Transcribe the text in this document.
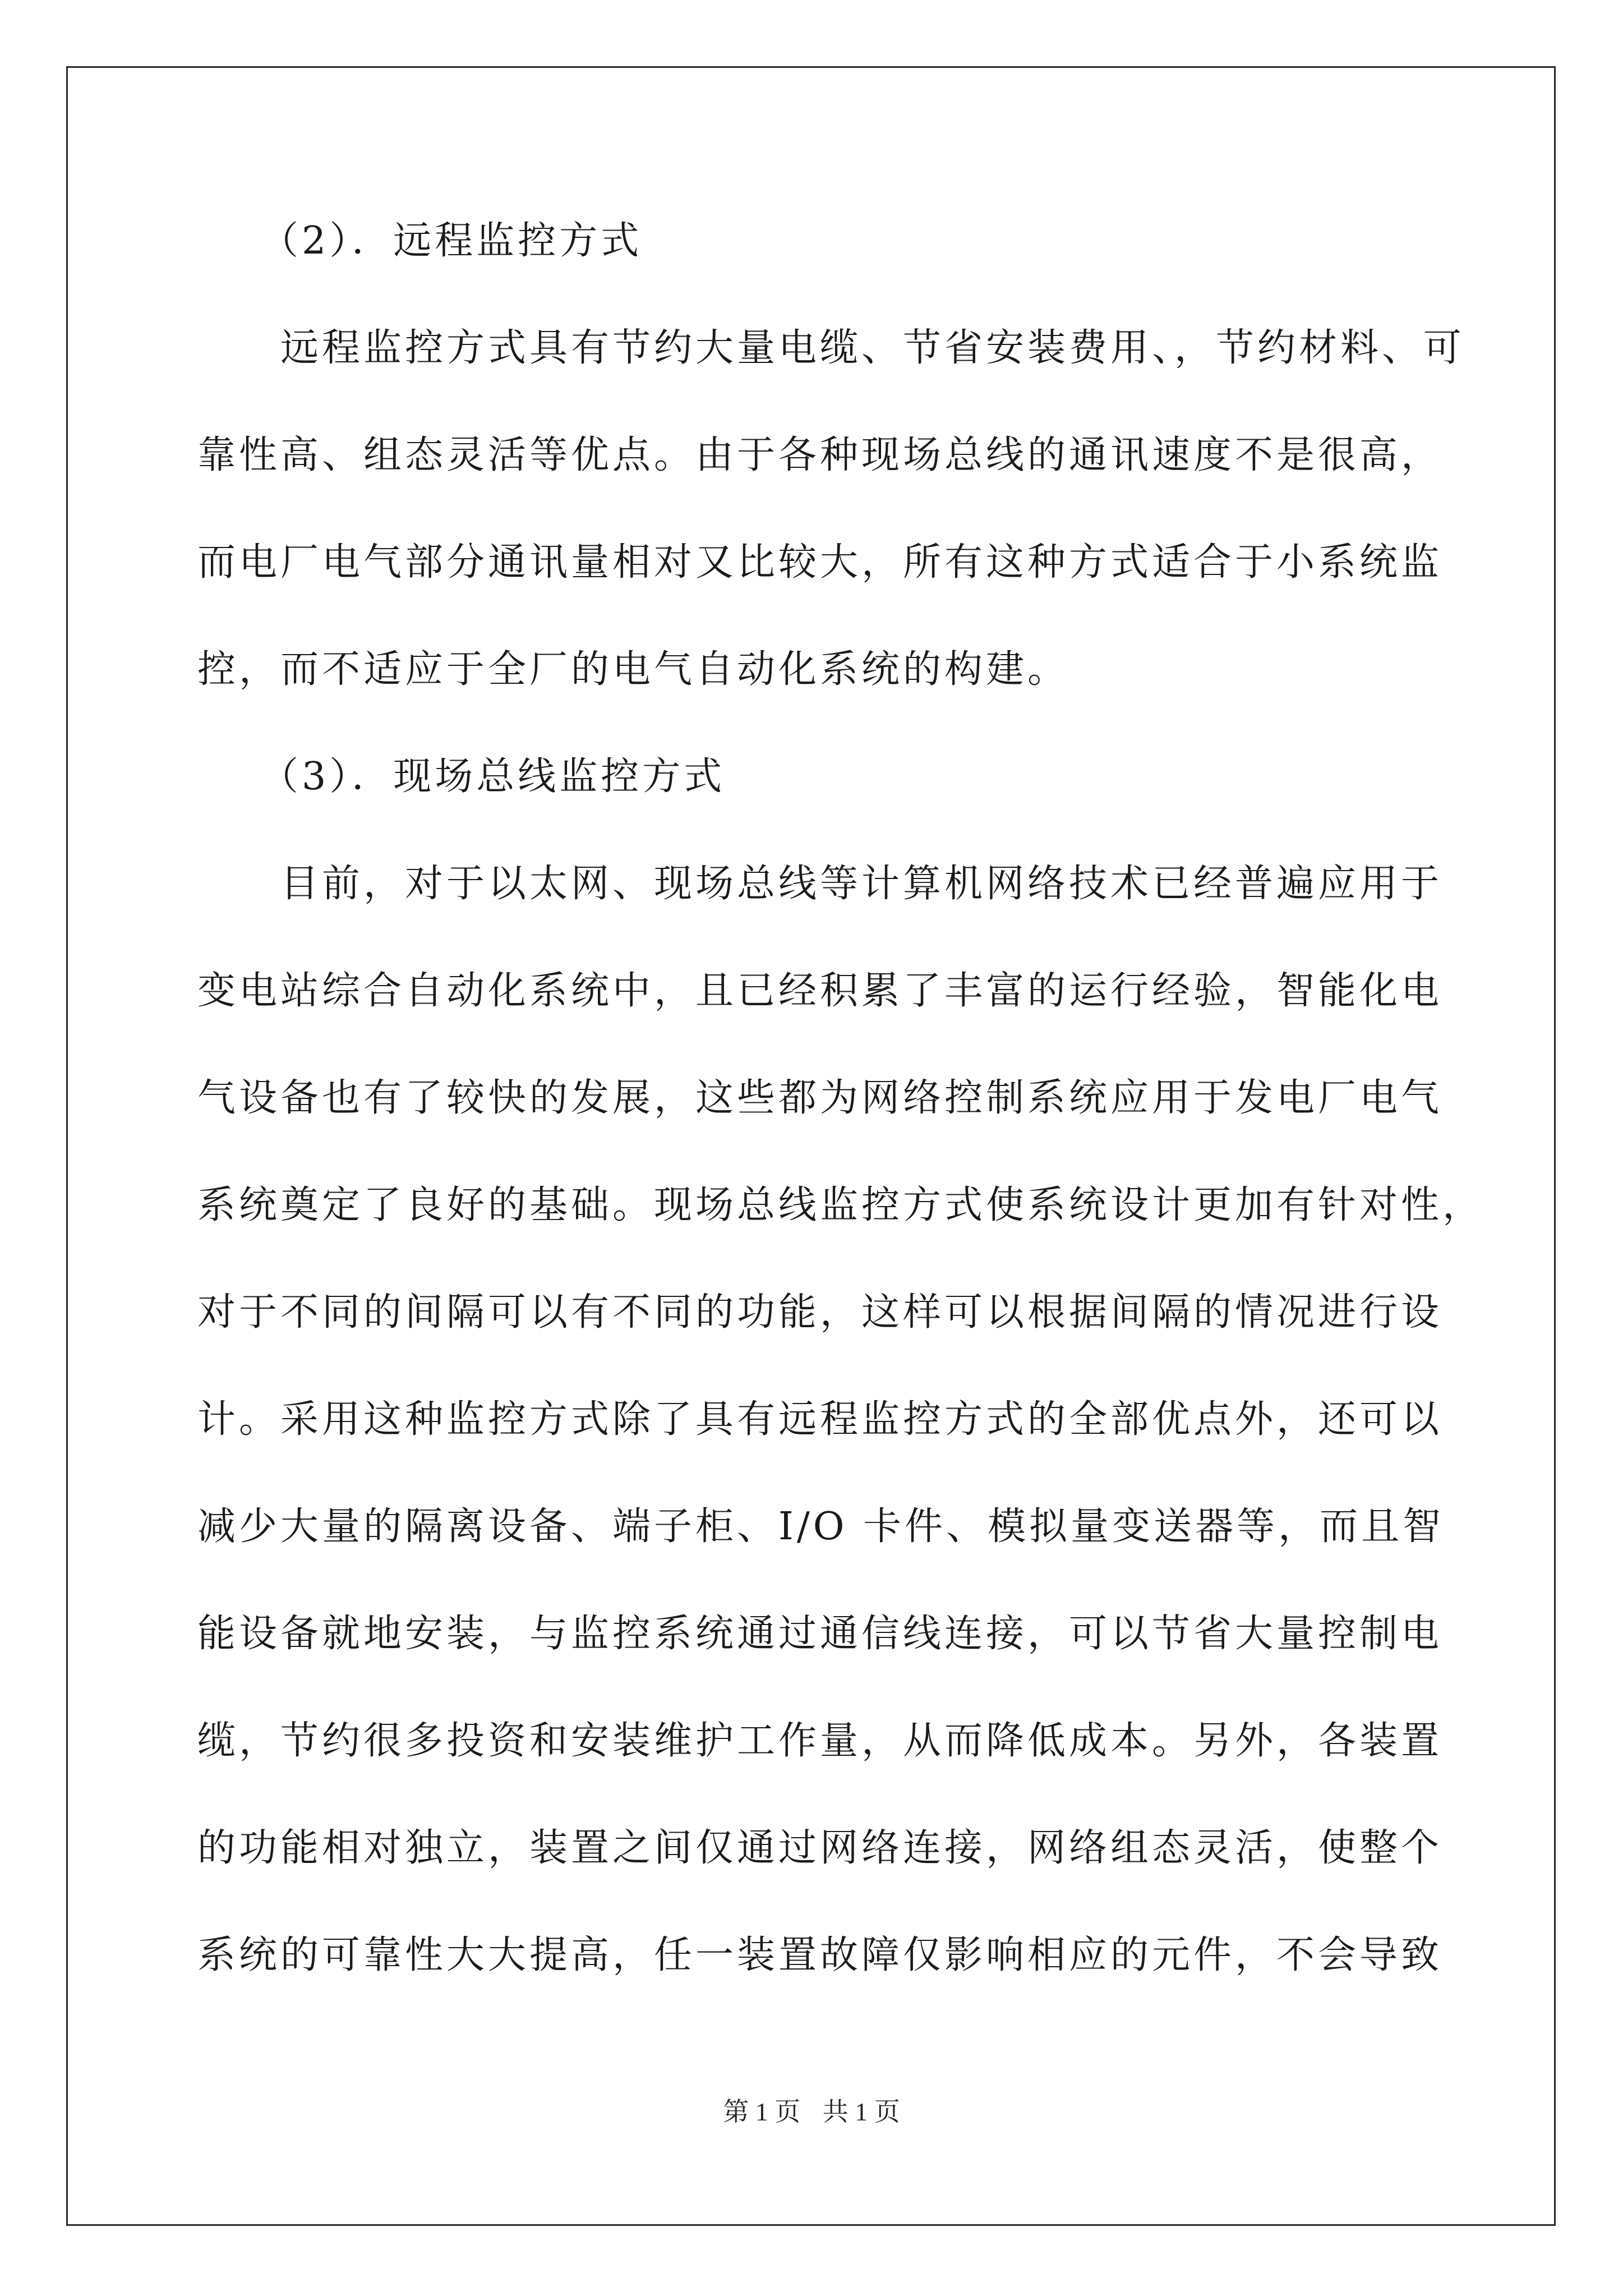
（2）．远程监控方式
远程监控方式具有节约大量电缆、节省安装费用、，节约材料、可
靠性高、组态灵活等优点。由于各种现场总线的通讯速度不是很高，
而电厂电气部分通讯量相对又比较大，所有这种方式适合于小系统监
控，而不适应于全厂的电气自动化系统的构建。
（3）．现场总线监控方式
目前，对于以太网、现场总线等计算机网络技术已经普遍应用于
变电站综合自动化系统中，且已经积累了丰富的运行经验，智能化电
气设备也有了较快的发展，这些都为网络控制系统应用于发电厂电气
系统奠定了良好的基础。现场总线监控方式使系统设计更加有针对性，
对于不同的间隔可以有不同的功能，这样可以根据间隔的情况进行设
计。采用这种监控方式除了具有远程监控方式的全部优点外，还可以
减少大量的隔离设备、端子柜、I/O 卡件、模拟量变送器等，而且智
能设备就地安装，与监控系统通过通信线连接，可以节省大量控制电
缆，节约很多投资和安装维护工作量，从而降低成本。另外，各装置
的功能相对独立，装置之间仅通过网络连接，网络组态灵活，使整个
系统的可靠性大大提高，任一装置故障仅影响相应的元件，不会导致
第 1 页 共 1 页
